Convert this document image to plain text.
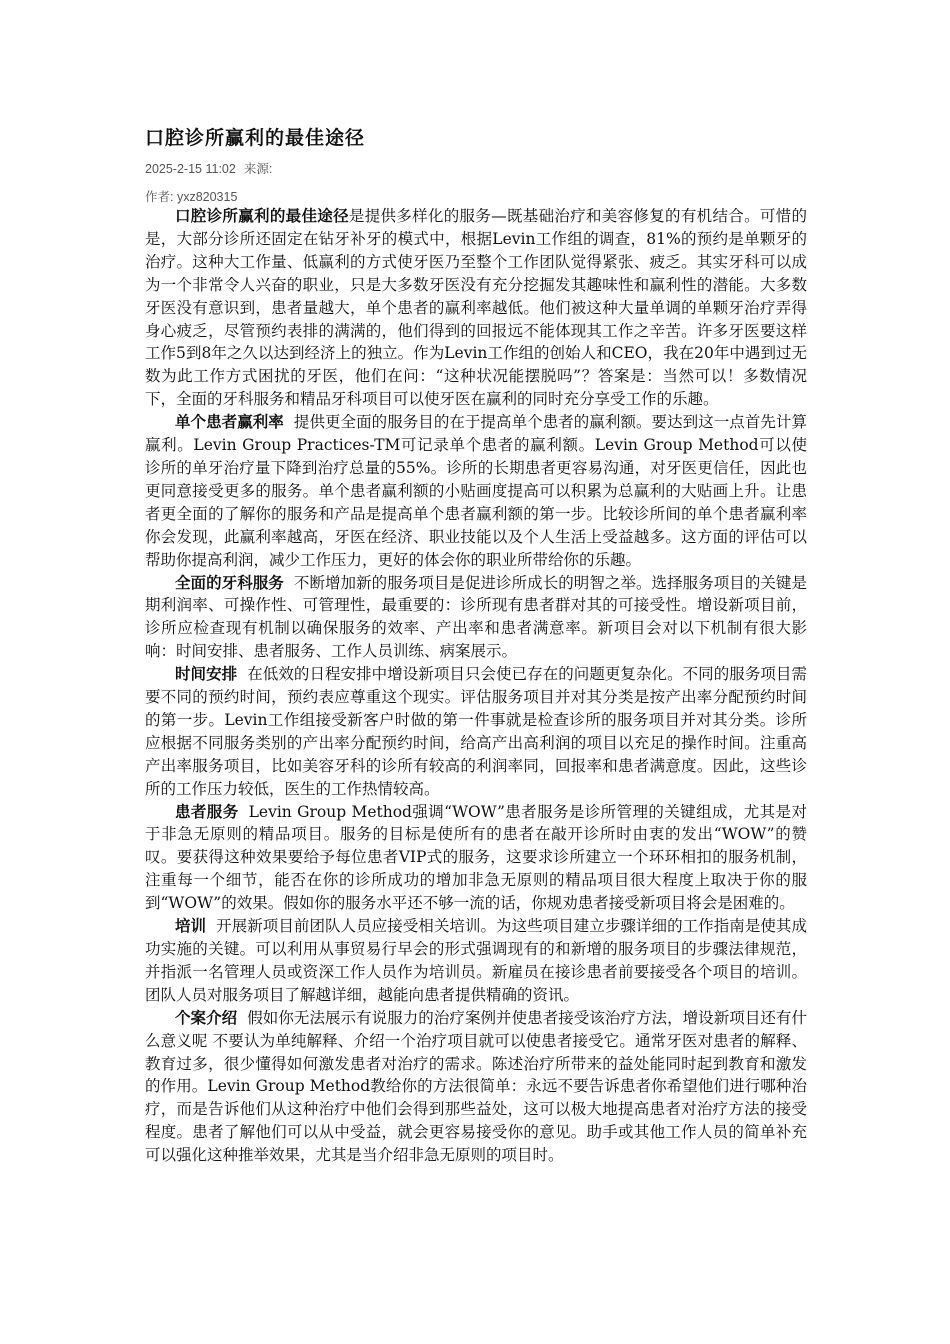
口腔诊所赢利的最佳途径

2025-2-15 11:02 来源:

作者: yxz820315

口腔诊所赢利的最佳途径是提供多样化的服务—既基础治疗和美容修复的有机结合。可惜的是，大部分诊所还固定在钻牙补牙的模式中，根据Levin工作组的调查，81%的预约是单颗牙的治疗。这种大工作量、低赢利的方式使牙医乃至整个工作团队觉得紧张、疲乏。其实牙科可以成为一个非常令人兴奋的职业，只是大多数牙医没有充分挖掘发其趣味性和赢利性的潜能。大多数牙医没有意识到，患者量越大，单个患者的赢利率越低。他们被这种大量单调的单颗牙治疗弄得身心疲乏，尽管预约表排的满满的，他们得到的回报远不能体现其工作之辛苦。许多牙医要这样工作5到8年之久以达到经济上的独立。作为Levin工作组的创始人和CEO，我在20年中遇到过无数为此工作方式困扰的牙医，他们在问：“这种状况能摆脱吗”？答案是：当然可以！多数情况下，全面的牙科服务和精品牙科项目可以使牙医在赢利的同时充分享受工作的乐趣。

单个患者赢利率 提供更全面的服务目的在于提高单个患者的赢利额。要达到这一点首先计算赢利。Levin Group Practices-TM可记录单个患者的赢利额。Levin Group Method可以使诊所的单牙治疗量下降到治疗总量的55%。诊所的长期患者更容易沟通，对牙医更信任，因此也更同意接受更多的服务。单个患者赢利额的小贴画度提高可以积累为总赢利的大贴画上升。让患者更全面的了解你的服务和产品是提高单个患者赢利额的第一步。比较诊所间的单个患者赢利率你会发现，此赢利率越高，牙医在经济、职业技能以及个人生活上受益越多。这方面的评估可以帮助你提高利润，减少工作压力，更好的体会你的职业所带给你的乐趣。

全面的牙科服务 不断增加新的服务项目是促进诊所成长的明智之举。选择服务项目的关键是期利润率、可操作性、可管理性，最重要的：诊所现有患者群对其的可接受性。增设新项目前，诊所应检查现有机制以确保服务的效率、产出率和患者满意率。新项目会对以下机制有很大影响：时间安排、患者服务、工作人员训练、病案展示。

时间安排 在低效的日程安排中增设新项目只会使已存在的问题更复杂化。不同的服务项目需要不同的预约时间，预约表应尊重这个现实。评估服务项目并对其分类是按产出率分配预约时间的第一步。Levin工作组接受新客户时做的第一件事就是检查诊所的服务项目并对其分类。诊所应根据不同服务类别的产出率分配预约时间，给高产出高利润的项目以充足的操作时间。注重高产出率服务项目，比如美容牙科的诊所有较高的利润率同，回报率和患者满意度。因此，这些诊所的工作压力较低，医生的工作热情较高。

患者服务 Levin Group Method强调“WOW”患者服务是诊所管理的关键组成，尤其是对于非急无原则的精品项目。服务的目标是使所有的患者在敲开诊所时由衷的发出“WOW”的赞叹。要获得这种效果要给予每位患者VIP式的服务，这要求诊所建立一个环环相扣的服务机制，注重每一个细节，能否在你的诊所成功的增加非急无原则的精品项目很大程度上取决于你的服到“WOW”的效果。假如你的服务水平还不够一流的话，你规劝患者接受新项目将会是困难的。

培训 开展新项目前团队人员应接受相关培训。为这些项目建立步骤详细的工作指南是使其成功实施的关键。可以利用从事贸易行早会的形式强调现有的和新增的服务项目的步骤法律规范，并指派一名管理人员或资深工作人员作为培训员。新雇员在接诊患者前要接受各个项目的培训。团队人员对服务项目了解越详细，越能向患者提供精确的资讯。

个案介绍 假如你无法展示有说服力的治疗案例并使患者接受该治疗方法，增设新项目还有什么意义呢 不要认为单纯解释、介绍一个治疗项目就可以使患者接受它。通常牙医对患者的解释、教育过多，很少懂得如何激发患者对治疗的需求。陈述治疗所带来的益处能同时起到教育和激发的作用。Levin Group Method教给你的方法很简单：永远不要告诉患者你希望他们进行哪种治疗，而是告诉他们从这种治疗中他们会得到那些益处，这可以极大地提高患者对治疗方法的接受程度。患者了解他们可以从中受益，就会更容易接受你的意见。助手或其他工作人员的简单补充可以强化这种推举效果，尤其是当介绍非急无原则的项目时。
